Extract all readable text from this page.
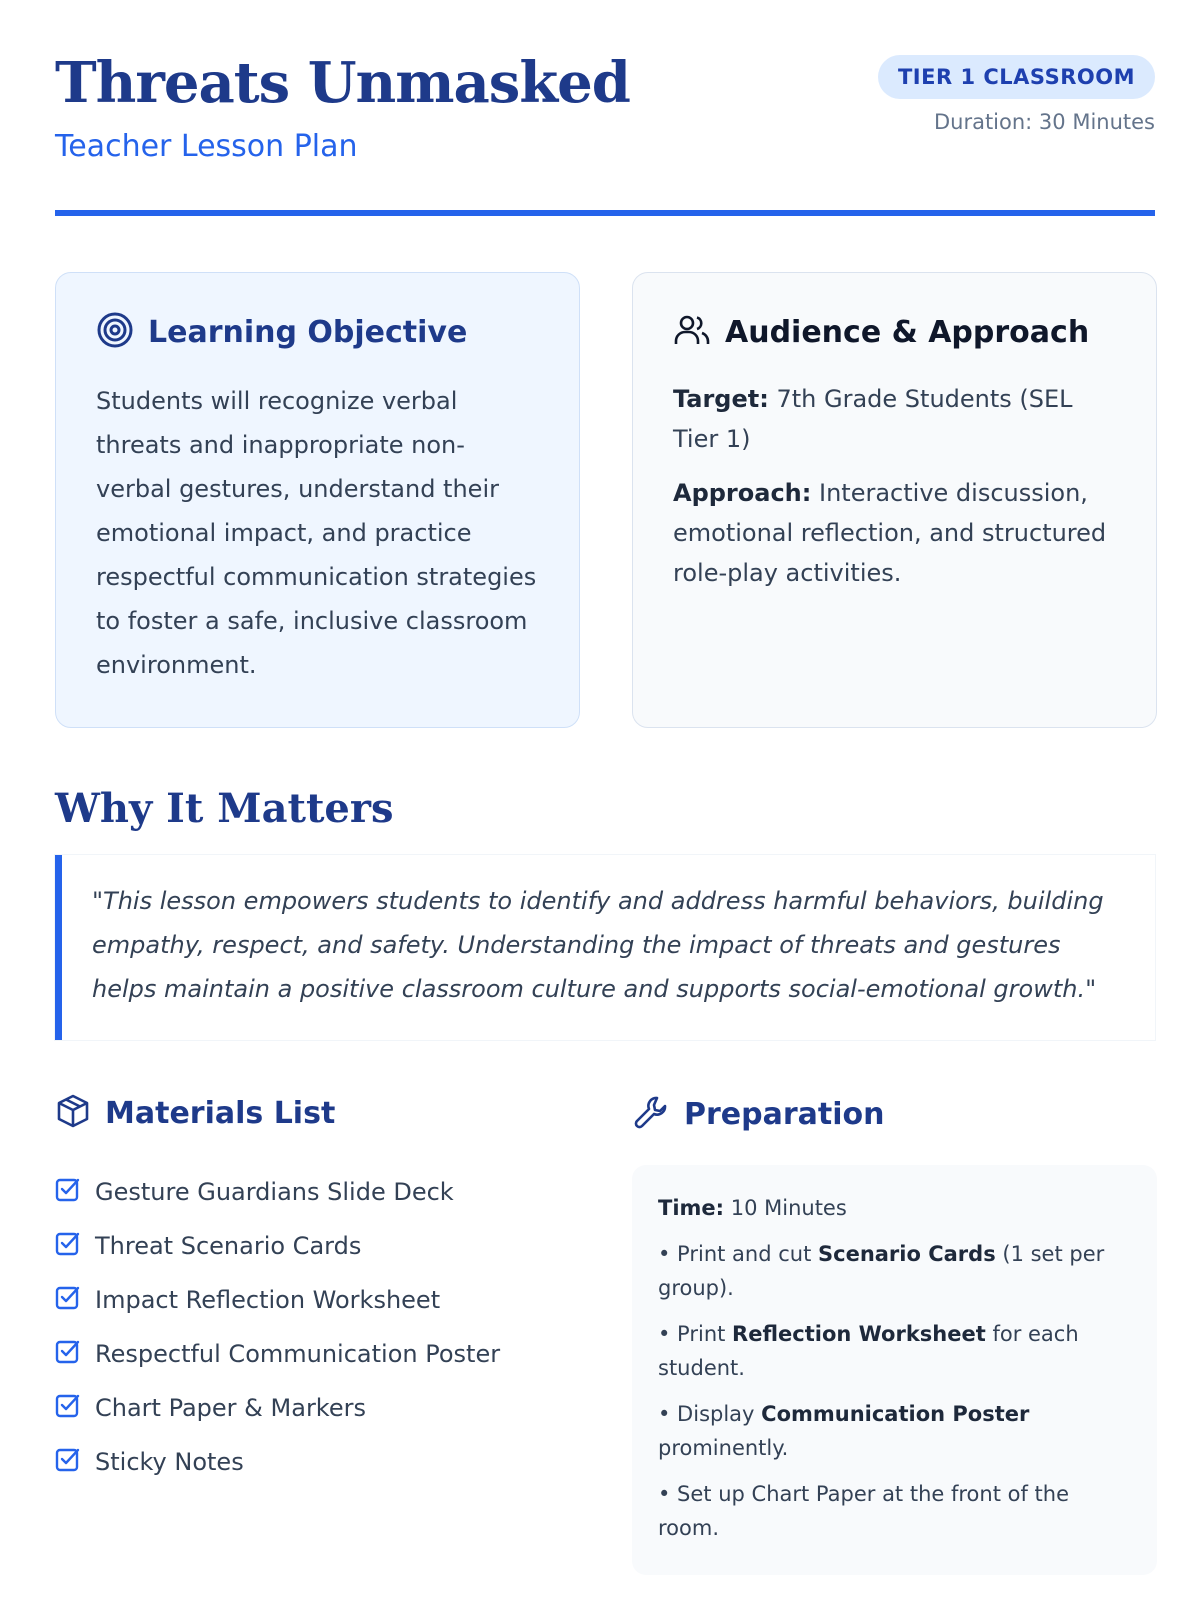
Threats Unmasked
Teacher Lesson Plan
TIER 1 CLASSROOM
Duration: 30 Minutes
Learning Objective
Students will recognize verbal threats and inappropriate non-verbal gestures, understand their emotional impact, and practice respectful communication strategies to foster a safe, inclusive classroom environment.
Audience & Approach

Target: 7th Grade Students (SEL Tier 1)

Approach: Interactive discussion, emotional reflection, and structured role-play activities.

Why It Matters
"This lesson empowers students to identify and address harmful behaviors, building empathy, respect, and safety. Understanding the impact of threats and gestures helps maintain a positive classroom culture and supports social-emotional growth."
Materials List
Gesture Guardians Slide Deck
Threat Scenario Cards
Impact Reflection Worksheet
Respectful Communication Poster
Chart Paper & Markers
Sticky Notes
Preparation

Time: 10 Minutes

• Print and cut Scenario Cards (1 set per group).

• Print Reflection Worksheet for each student.

• Display Communication Poster prominently.

• Set up Chart Paper at the front of the room.
